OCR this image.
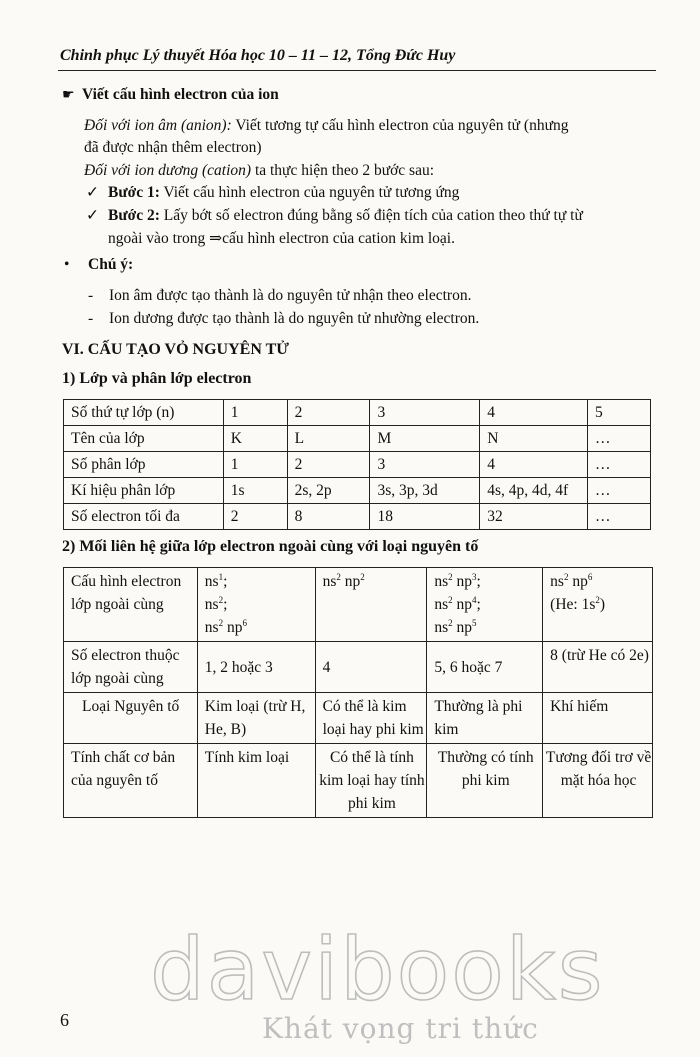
Chinh phục Lý thuyết Hóa học 10 – 11 – 12, Tổng Đức Huy
☛ Viết cấu hình electron của ion
Đối với ion âm (anion): Viết tương tự cấu hình electron của nguyên tử (nhưng
đã được nhận thêm electron)
Đối với ion dương (cation) ta thực hiện theo 2 bước sau:
✓ Bước 1: Viết cấu hình electron của nguyên tử tương ứng
✓ Bước 2: Lấy bớt số electron đúng bằng số điện tích của cation theo thứ tự từ
ngoài vào trong ⇒cấu hình electron của cation kim loại.
• Chú ý:
- Ion âm được tạo thành là do nguyên tử nhận theo electron.
- Ion dương được tạo thành là do nguyên tử nhường electron.
VI. CẤU TẠO VỎ NGUYÊN TỬ
1) Lớp và phân lớp electron
Số thứ tự lớp (n)	1	2	3	4	5
Tên của lớp	K	L	M	N	…
Số phân lớp	1	2	3	4	…
Kí hiệu phân lớp	1s	2s, 2p	3s, 3p, 3d	4s, 4p, 4d, 4f	…
Số electron tối đa	2	8	18	32	…
2) Mối liên hệ giữa lớp electron ngoài cùng với loại nguyên tố
Cấu hình electron lớp ngoài cùng	$ns^1$;
$ns^2$;
$ns^2$ $np^6$	$ns^2$ $np^2$	$ns^2$ $np^3$;
$ns^2$ $np^4$;
$ns^2$ $np^5$	$ns^2$ $np^6$
(He: $1s^2$)
Số electron thuộc lớp ngoài cùng	1, 2 hoặc 3	4	5, 6 hoặc 7	8 (trừ He có 2e)
Loại Nguyên tố	Kim loại (trừ H, He, B)	Có thể là kim loại hay phi kim	Thường là phi kim	Khí hiếm
Tính chất cơ bản của nguyên tố	Tính kim loại	Có thể là tính kim loại hay tính phi kim	Thường có tính phi kim	Tương đối trơ về mặt hóa học
6 davibooks
Khát vọng tri thức
